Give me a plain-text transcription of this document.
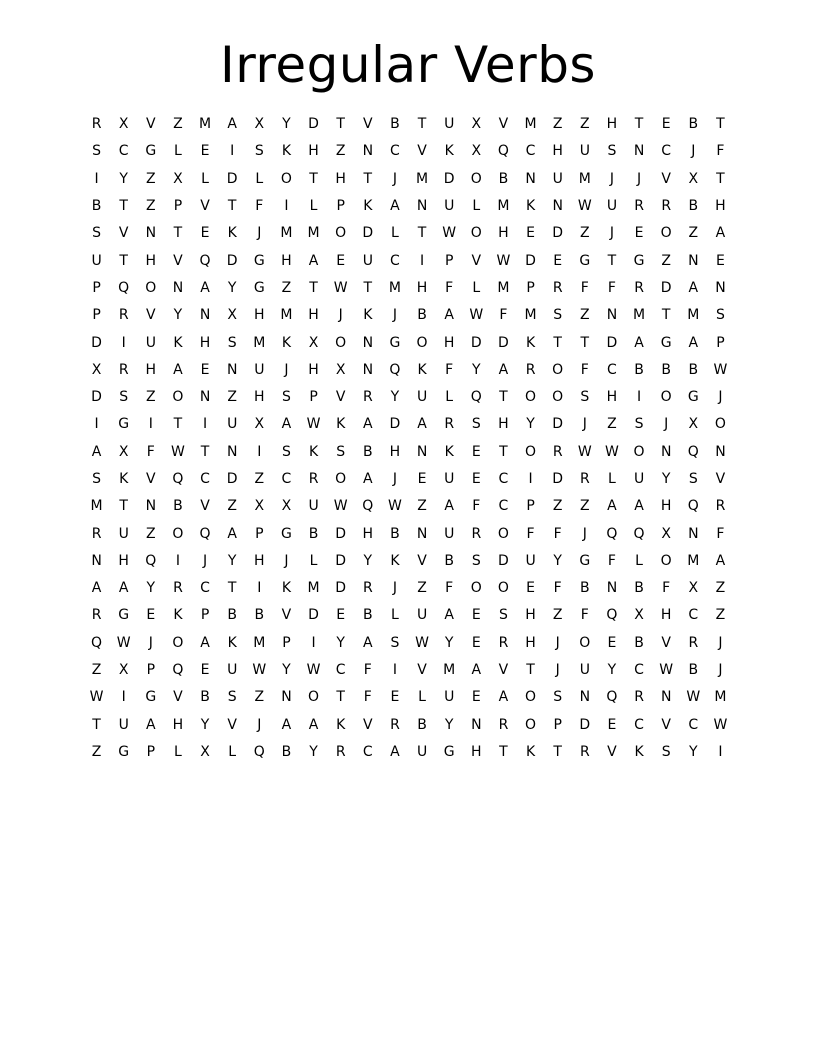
Irregular Verbs
R	X	V	Z	M	A	X	Y	D	T	V	B	T	U	X	V	M	Z	Z	H	T	E	B	T
S	C	G	L	E	I	S	K	H	Z	N	C	V	K	X	Q	C	H	U	S	N	C	J	F
I	Y	Z	X	L	D	L	O	T	H	T	J	M	D	O	B	N	U	M	J	J	V	X	T
B	T	Z	P	V	T	F	I	L	P	K	A	N	U	L	M	K	N	W	U	R	R	B	H
S	V	N	T	E	K	J	M	M	O	D	L	T	W	O	H	E	D	Z	J	E	O	Z	A
U	T	H	V	Q	D	G	H	A	E	U	C	I	P	V	W	D	E	G	T	G	Z	N	E
P	Q	O	N	A	Y	G	Z	T	W	T	M	H	F	L	M	P	R	F	F	R	D	A	N
P	R	V	Y	N	X	H	M	H	J	K	J	B	A	W	F	M	S	Z	N	M	T	M	S
D	I	U	K	H	S	M	K	X	O	N	G	O	H	D	D	K	T	T	D	A	G	A	P
X	R	H	A	E	N	U	J	H	X	N	Q	K	F	Y	A	R	O	F	C	B	B	B	W
D	S	Z	O	N	Z	H	S	P	V	R	Y	U	L	Q	T	O	O	S	H	I	O	G	J
I	G	I	T	I	U	X	A	W	K	A	D	A	R	S	H	Y	D	J	Z	S	J	X	O
A	X	F	W	T	N	I	S	K	S	B	H	N	K	E	T	O	R	W W	O	N	Q	N
S	K	V	Q	C	D	Z	C	R	O	A	J	E	U	E	C	I	D	R	L	U	Y	S	V
M	T	N	B	V	Z	X	X	U	W	Q	W	Z	A	F	C	P	Z	Z	A	A	H	Q	R
R	U	Z	O	Q	A	P	G	B	D	H	B	N	U	R	O	F	F	J	Q	Q	X	N	F
N	H	Q	I	J	Y	H	J	L	D	Y	K	V	B	S	D	U	Y	G	F	L	O	M	A
A	A	Y	R	C	T	I	K	M	D	R	J	Z	F	O	O	E	F	B	N	B	F	X	Z
R	G	E	K	P	B	B	V	D	E	B	L	U	A	E	S	H	Z	F	Q	X	H	C	Z
Q	W	J	O	A	K	M	P	I	Y	A	S	W	Y	E	R	H	J	O	E	B	V	R	J
Z	X	P	Q	E	U	W	Y	W	C	F	I	V	M	A	V	T	J	U	Y	C	W	B	J
W	I	G	V	B	S	Z	N	O	T	F	E	L	U	E	A	O	S	N	Q	R	N	W	M
T	U	A	H	Y	V	J	A	A	K	V	R	B	Y	N	R	O	P	D	E	C	V	C	W
Z	G	P	L	X	L	Q	B	Y	R	C	A	U	G	H	T	K	T	R	V	K	S	Y	I
